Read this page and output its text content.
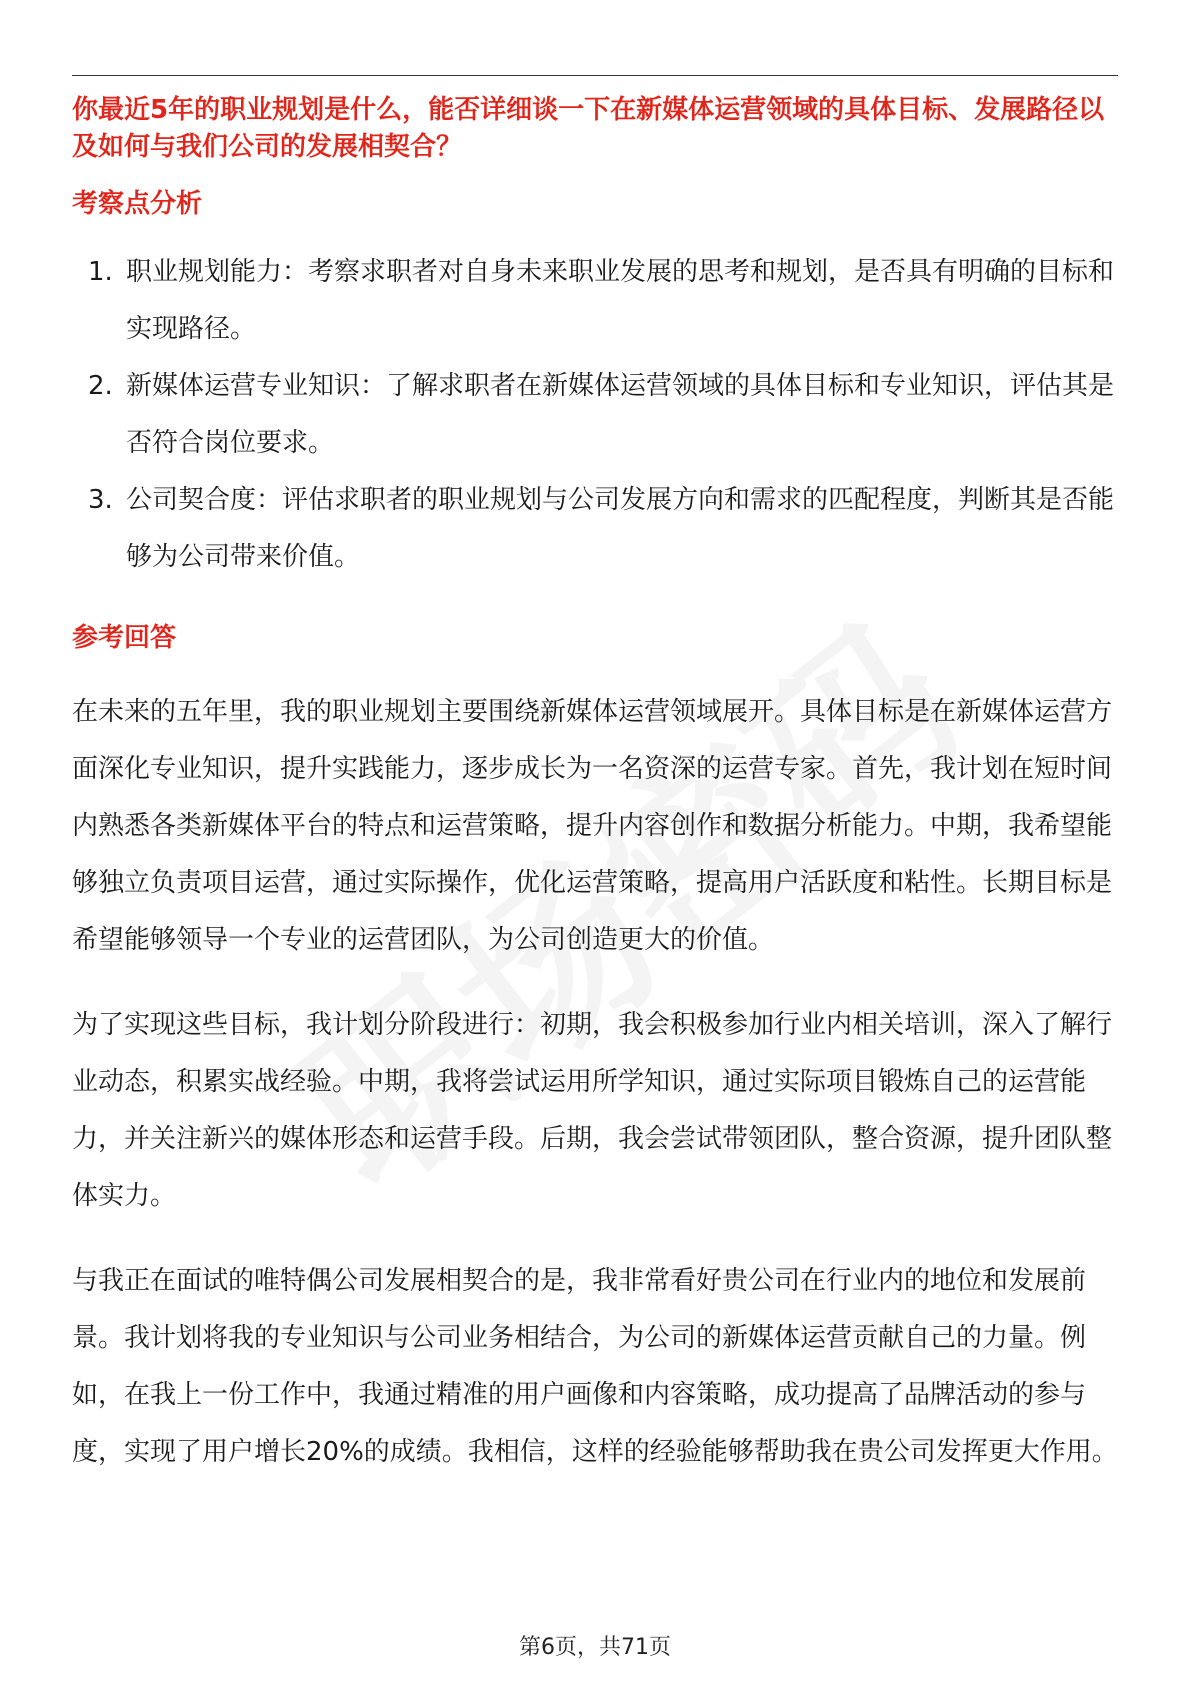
你最近5年的职业规划是什么，能否详细谈一下在新媒体运营领域的具体目标、发展路径以及如何与我们公司的发展相契合？

考察点分析
1. 职业规划能力：考察求职者对自身未来职业发展的思考和规划，是否具有明确的目标和实现路径。
2. 新媒体运营专业知识：了解求职者在新媒体运营领域的具体目标和专业知识，评估其是否符合岗位要求。
3. 公司契合度：评估求职者的职业规划与公司发展方向和需求的匹配程度，判断其是否能够为公司带来价值。
参考回答

在未来的五年里，我的职业规划主要围绕新媒体运营领域展开。具体目标是在新媒体运营方面深化专业知识，提升实践能力，逐步成长为一名资深的运营专家。首先，我计划在短时间内熟悉各类新媒体平台的特点和运营策略，提升内容创作和数据分析能力。中期，我希望能够独立负责项目运营，通过实际操作，优化运营策略，提高用户活跃度和粘性。长期目标是希望能够领导一个专业的运营团队，为公司创造更大的价值。

为了实现这些目标，我计划分阶段进行：初期，我会积极参加行业内相关培训，深入了解行业动态，积累实战经验。中期，我将尝试运用所学知识，通过实际项目锻炼自己的运营能力，并关注新兴的媒体形态和运营手段。后期，我会尝试带领团队，整合资源，提升团队整体实力。

与我正在面试的唯特偶公司发展相契合的是，我非常看好贵公司在行业内的地位和发展前景。我计划将我的专业知识与公司业务相结合，为公司的新媒体运营贡献自己的力量。例如，在我上一份工作中，我通过精准的用户画像和内容策略，成功提高了品牌活动的参与度，实现了用户增长20%的成绩。我相信，这样的经验能够帮助我在贵公司发挥更大作用。

第6页，共71页
